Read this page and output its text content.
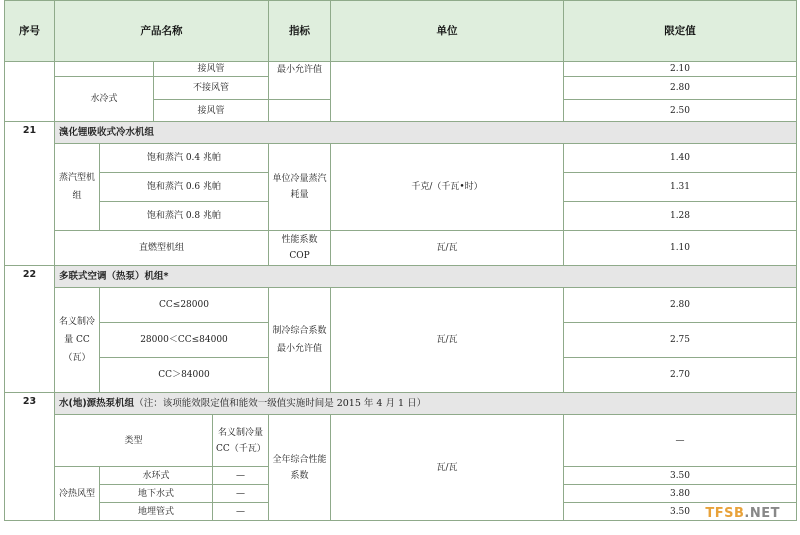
序号	产品名称				指标	单位	限定值	
			接风管		最小允许值		2.10	
	水冷式		不接风管				2.80	
			接风管				2.50	
21	溴化锂吸收式冷水机组							
	蒸汽型机组	饱和蒸汽 0.4 兆帕			单位冷量蒸汽耗量	千克/（千瓦•时）	1.40	
		饱和蒸汽 0.6 兆帕					1.31	
		饱和蒸汽 0.8 兆帕					1.28	
	直燃型机组				性能系数 COP	瓦/瓦	1.10	
22	多联式空调（热泵）机组*							
	名义制冷量 CC（瓦）	CC≤28000			制冷综合系数最小允许值	瓦/瓦	2.80	
		28000＜CC≤84000					2.75	
		CC＞84000					2.70	
23	水(地)源热泵机组（注：该项能效限定值和能效一级值实施时间是 2015 年 4 月 1 日）							
	类型			名义制冷量 CC（千瓦）	全年综合性能系数	瓦/瓦	—	
	冷热风型	水环式		—			3.50	
		地下水式		—			3.80	
		地埋管式		—			3.50	TFSB.NET
